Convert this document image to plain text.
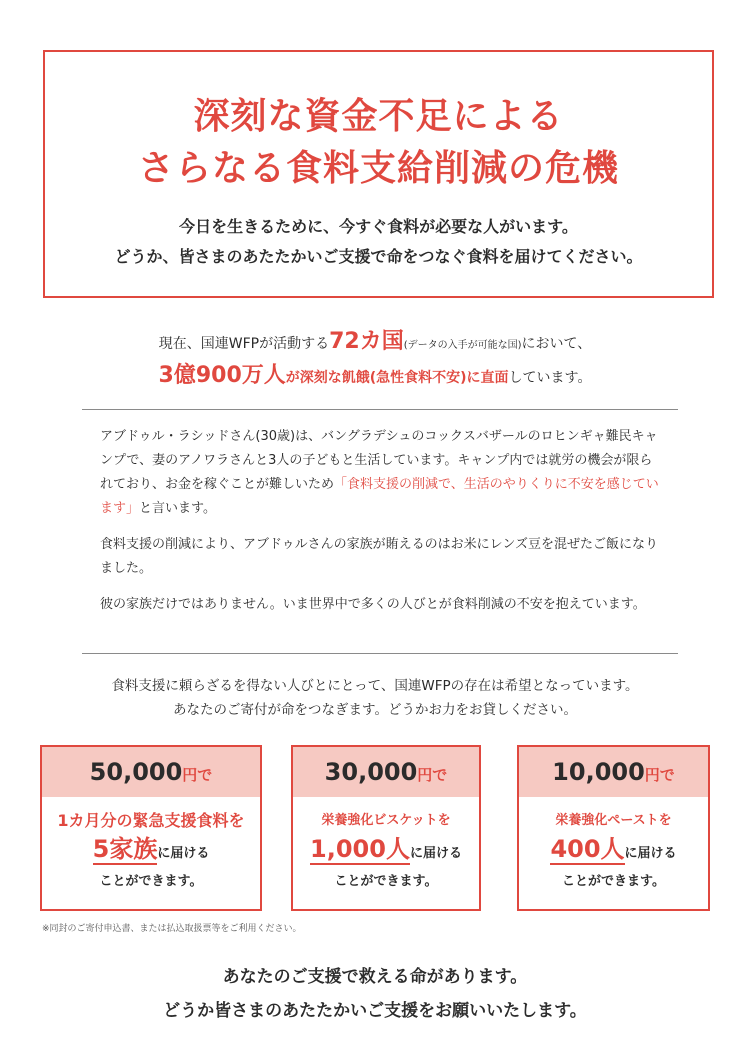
深刻な資金不足による
さらなる食料支給削減の危機
今日を生きるために、今すぐ食料が必要な人がいます。
どうか、皆さまのあたたかいご支援で命をつなぐ食料を届けてください。
現在、国連WFPが活動する72カ国(データの入手が可能な国)において、
3億900万人が深刻な飢餓(急性食料不安)に直面しています。

アブドゥル・ラシッドさん(30歳)は、バングラデシュのコックスバザールのロヒンギャ難民キャンプで、妻のアノワラさんと3人の子どもと生活しています。キャンプ内では就労の機会が限られており、お金を稼ぐことが難しいため「食料支援の削減で、生活のやりくりに不安を感じています」と言います。

食料支援の削減により、アブドゥルさんの家族が賄えるのはお米にレンズ豆を混ぜたご飯になりました。

彼の家族だけではありません。いま世界中で多くの人びとが食料削減の不安を抱えています。

食料支援に頼らざるを得ない人びとにとって、国連WFPの存在は希望となっています。
あなたのご寄付が命をつなぎます。どうかお力をお貸しください。
50,000円で
1カ月分の緊急支援食料を
5家族に届ける
ことができます。
30,000円で
栄養強化ビスケットを
1,000人に届ける
ことができます。
10,000円で
栄養強化ペーストを
400人に届ける
ことができます。
※同封のご寄付申込書、または払込取扱票等をご利用ください。
あなたのご支援で救える命があります。
どうか皆さまのあたたかいご支援をお願いいたします。
